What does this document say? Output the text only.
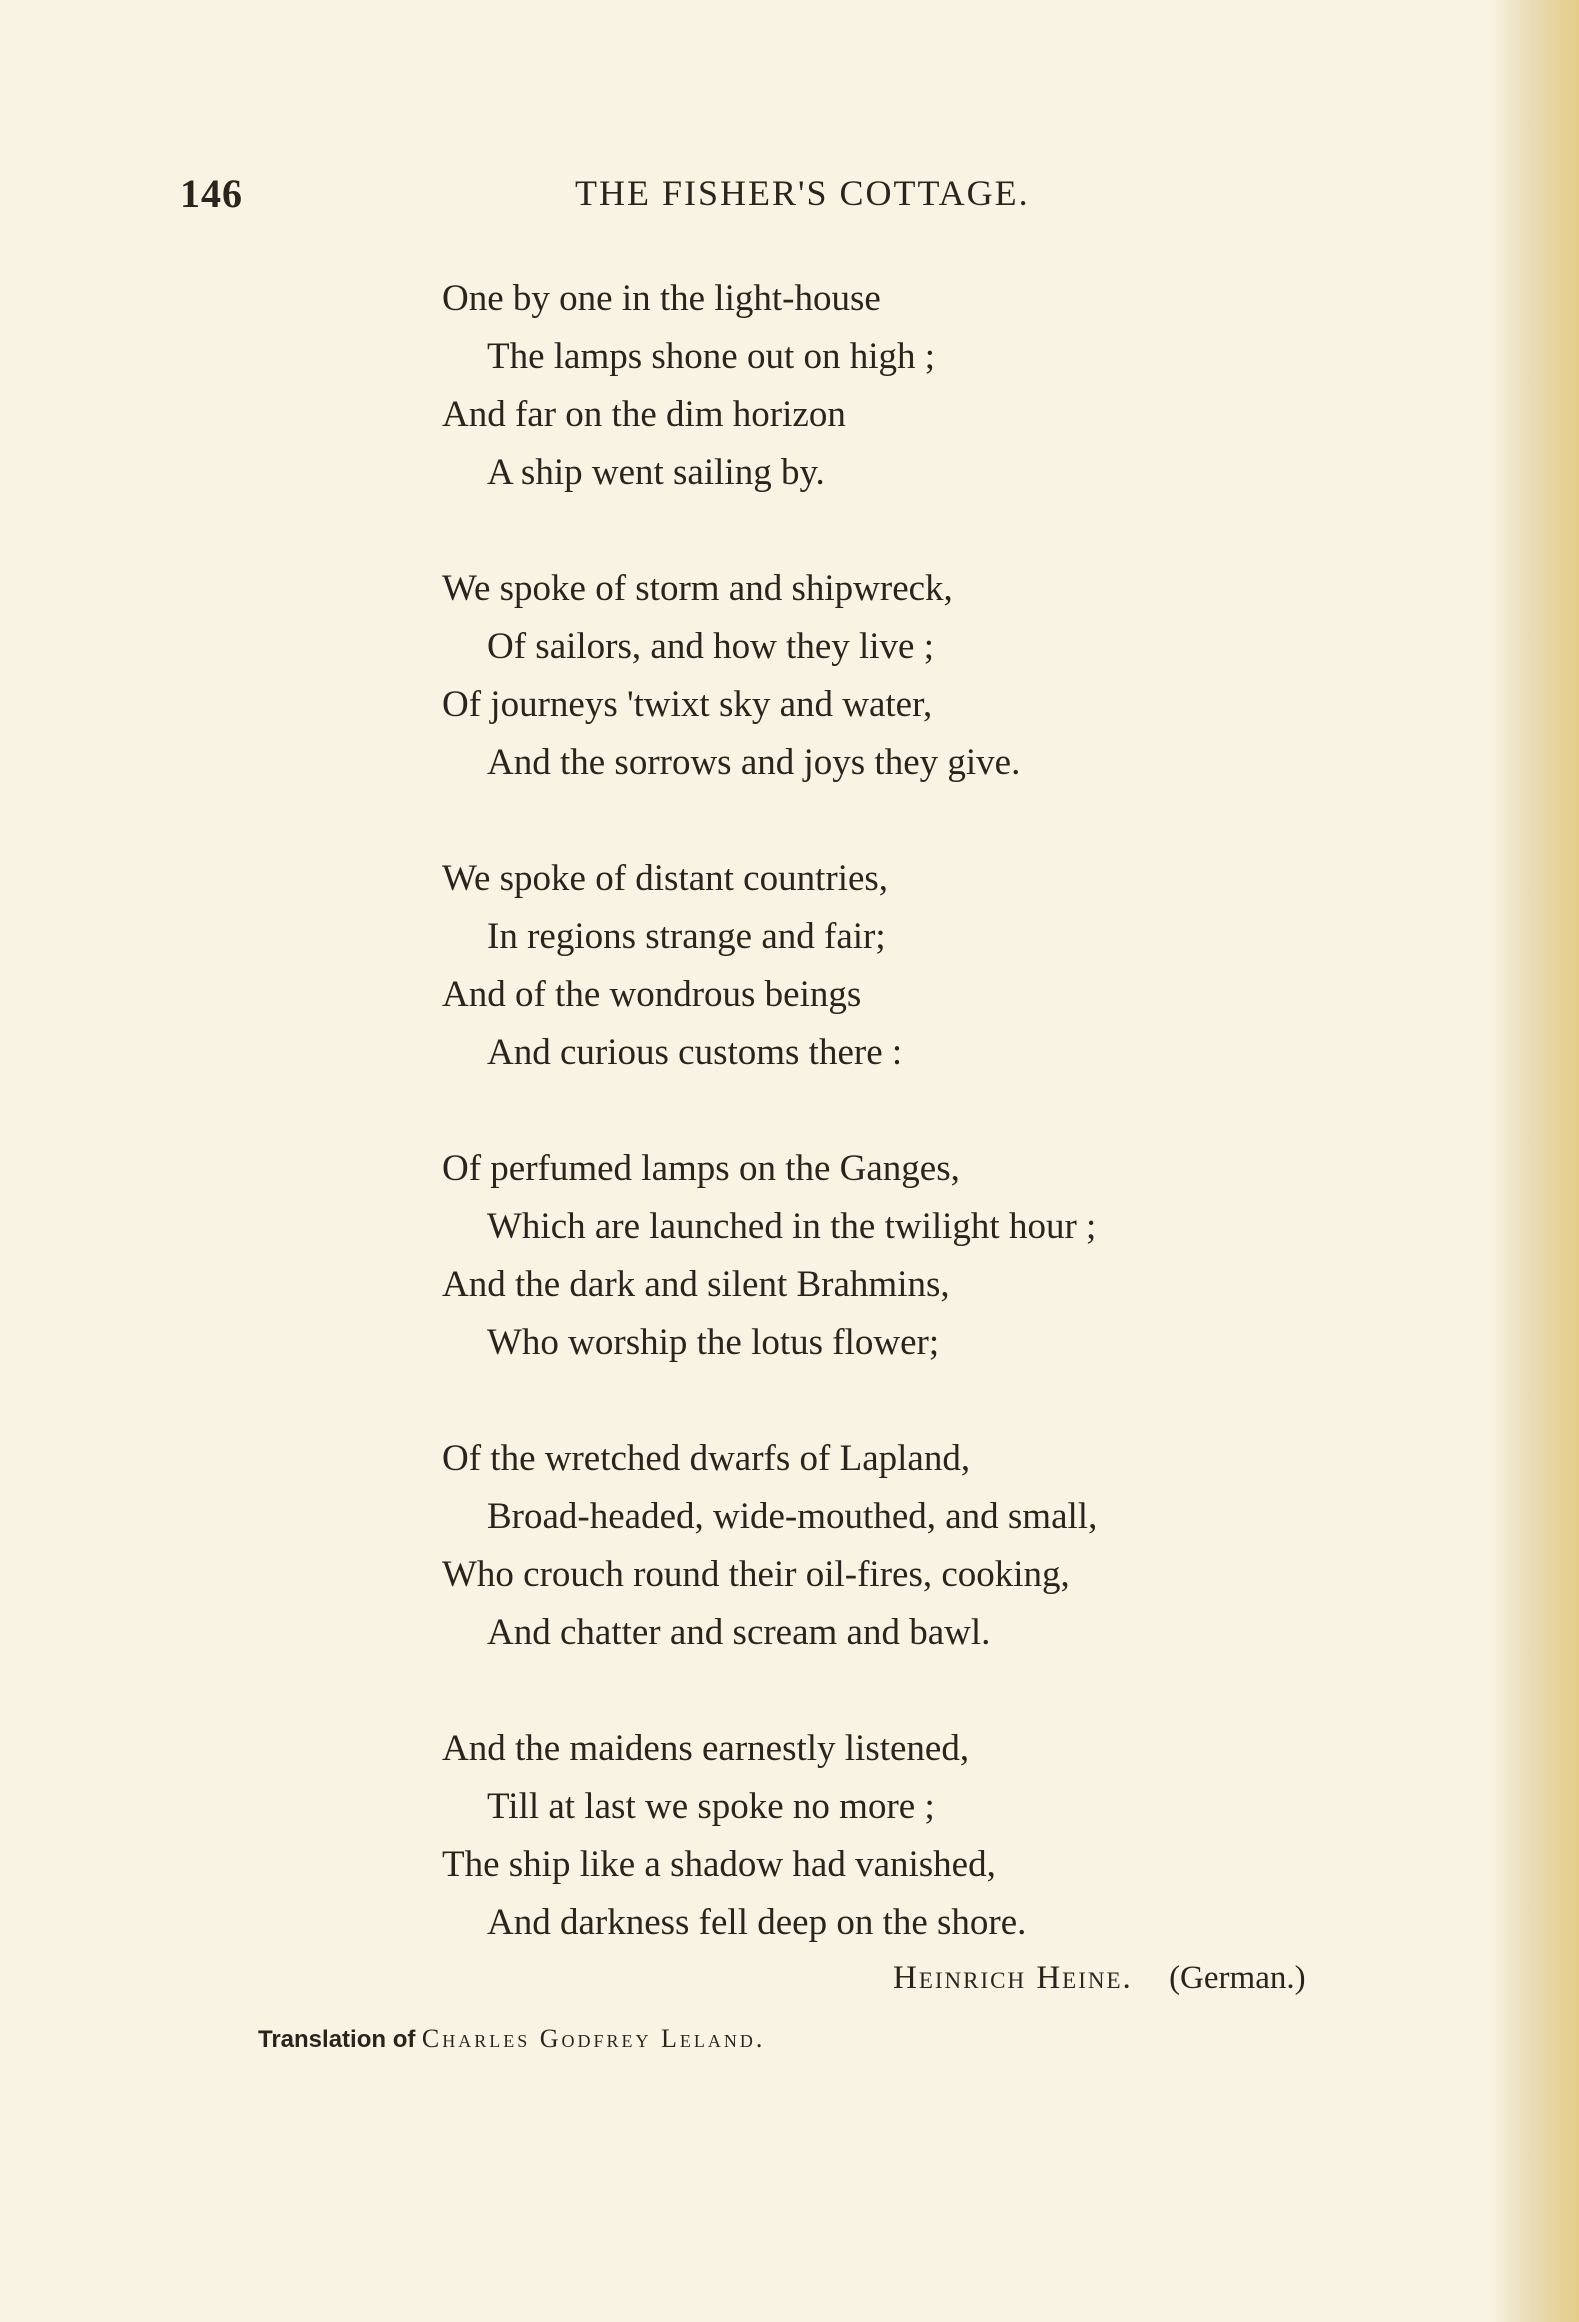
146	THE FISHER'S COTTAGE.
One by one in the light-house
The lamps shone out on high ;
And far on the dim horizon
A ship went sailing by.
We spoke of storm and shipwreck,
Of sailors, and how they live ;
Of journeys 'twixt sky and water,
And the sorrows and joys they give.
We spoke of distant countries,
In regions strange and fair;
And of the wondrous beings
And curious customs there :
Of perfumed lamps on the Ganges,
Which are launched in the twilight hour ;
And the dark and silent Brahmins,
Who worship the lotus flower;
Of the wretched dwarfs of Lapland,
Broad-headed, wide-mouthed, and small,
Who crouch round their oil-fires, cooking,
And chatter and scream and bawl.
And the maidens earnestly listened,
Till at last we spoke no more ;
The ship like a shadow had vanished,
And darkness fell deep on the shore.
Heinrich Heine. (German.)
Translation of Charles Godfrey Leland.
